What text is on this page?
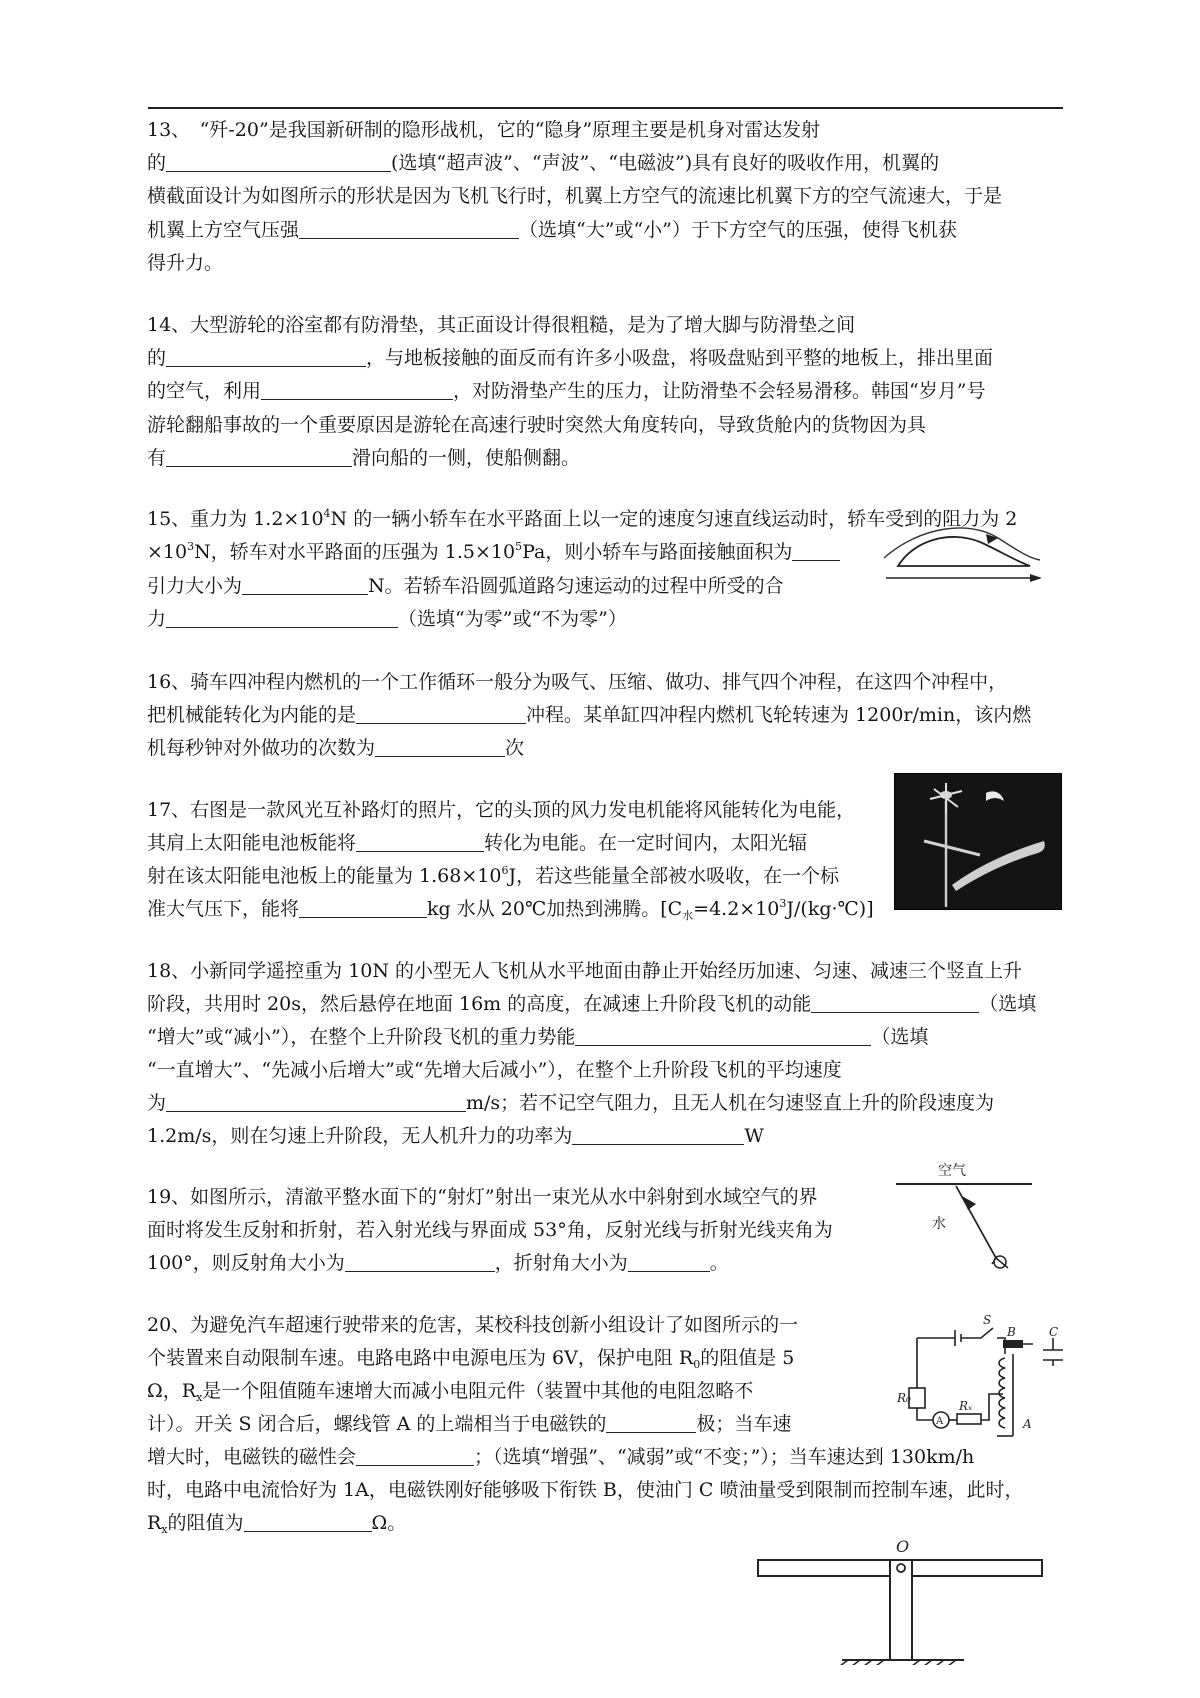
13、　“歼-20”是我国新研制的隐形战机，它的“隐身”原理主要是机身对雷达发射
的	(选填“超声波”、“声波”、“电磁波”)具有良好的吸收作用，机翼的
横截面设计为如图所示的形状是因为飞机飞行时，机翼上方空气的流速比机翼下方的空气流速大，于是
机翼上方空气压强	（选填“大”或“小”）于下方空气的压强，使得飞机获
得升力。
14、大型游轮的浴室都有防滑垫，其正面设计得很粗糙，是为了增大脚与防滑垫之间
的	，与地板接触的面反而有许多小吸盘，将吸盘贴到平整的地板上，排出里面
的空气，利用	，对防滑垫产生的压力，让防滑垫不会轻易滑移。韩国“岁月”号
游轮翻船事故的一个重要原因是游轮在高速行驶时突然大角度转向，导致货舱内的货物因为具
有	滑向船的一侧，使船侧翻。
15、重力为 $1.2\times 10^4N$ 的一辆小轿车在水平路面上以一定的速度匀速直线运动时，轿车受到的阻力为 2
$\times 10^3N$，轿车对水平路面的压强为 $1.5\times 10^5Pa$，则小轿车与路面接触面积为
引力大小为	N。若轿车沿圆弧道路匀速运动的过程中所受的合
力	（选填“为零”或“不为零”）
16、骑车四冲程内燃机的一个工作循环一般分为吸气、压缩、做功、排气四个冲程，在这四个冲程中，
把机械能转化为内能的是	冲程。某单缸四冲程内燃机飞轮转速为 1200r/min，该内燃
机每秒钟对外做功的次数为	次
17、右图是一款风光互补路灯的照片，它的头顶的风力发电机能将风能转化为电能，
其肩上太阳能电池板能将	转化为电能。在一定时间内，太阳光辐
射在该太阳能电池板上的能量为 $1.68\times 10^6J$，若这些能量全部被水吸收，在一个标
准大气压下，能将	kg 水从 20℃加热到沸腾。$[C_水=4.2\times 10^3J/(kg\cdot℃)]$
18、小新同学遥控重为 10N 的小型无人飞机从水平地面由静止开始经历加速、匀速、减速三个竖直上升
阶段，共用时 20s，然后悬停在地面 16m 的高度，在减速上升阶段飞机的动能	（选填
“增大”或“减小”），在整个上升阶段飞机的重力势能	（选填
“一直增大”、“先减小后增大”或“先增大后减小”），在整个上升阶段飞机的平均速度
为	m/s；若不记空气阻力，且无人机在匀速竖直上升的阶段速度为
1.2m/s，则在匀速上升阶段，无人机升力的功率为	W
19、如图所示，清澈平整水面下的“射灯”射出一束光从水中斜射到水域空气的界
面时将发生反射和折射，若入射光线与界面成 53°角，反射光线与折射光线夹角为
100°，则反射角大小为	，折射角大小为	。
20、为避免汽车超速行驶带来的危害，某校科技创新小组设计了如图所示的一
个装置来自动限制车速。电路电路中电源电压为 6V，保护电阻 $R_0$的阻值是 5
Ω，$R_x$是一个阻值随车速增大而减小电阻元件（装置中其他的电阻忽略不
计）。开关 S 闭合后，螺线管 A 的上端相当于电磁铁的	极；当车速
增大时，电磁铁的磁性会	；（选填“增强”、“减弱”或“不变；”）；当车速达到 130km/h
时，电路中电流恰好为 1A，电磁铁刚好能够吸下衔铁 B，使油门 C 喷油量受到限制而控制车速，此时，
$R_x$的阻值为	Ω。
空气
水
S
B	C
A
R₀
Rₓ
A
O
